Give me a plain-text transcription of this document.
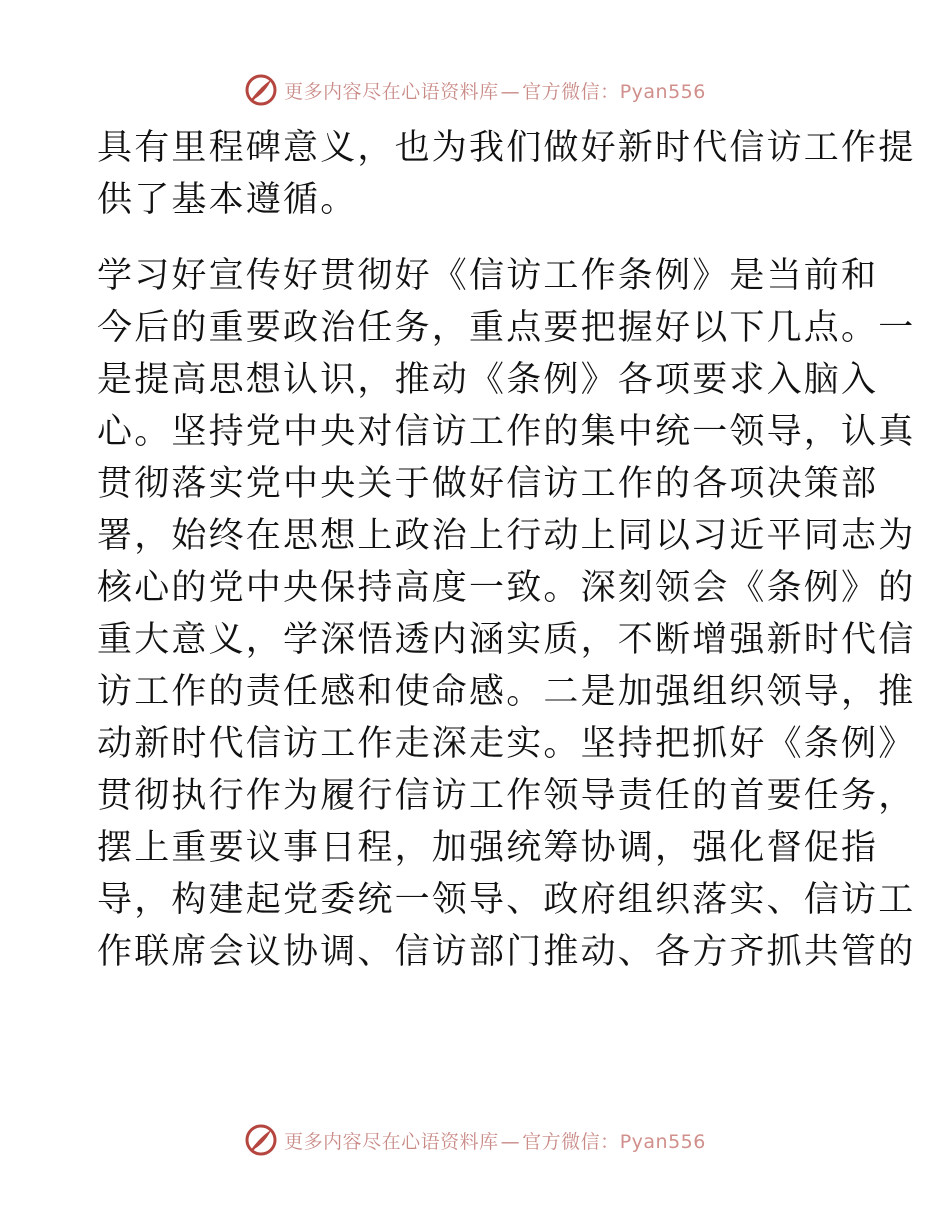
更多内容尽在心语资料库 — 官方微信：Pyan556

具有里程碑意义，也为我们做好新时代信访工作提
供了基本遵循。

学习好宣传好贯彻好《信访工作条例》是当前和
今后的重要政治任务，重点要把握好以下几点。一
是提高思想认识，推动《条例》各项要求入脑入
心。坚持党中央对信访工作的集中统一领导，认真
贯彻落实党中央关于做好信访工作的各项决策部
署，始终在思想上政治上行动上同以习近平同志为
核心的党中央保持高度一致。深刻领会《条例》的
重大意义，学深悟透内涵实质，不断增强新时代信
访工作的责任感和使命感。二是加强组织领导，推
动新时代信访工作走深走实。坚持把抓好《条例》
贯彻执行作为履行信访工作领导责任的首要任务，
摆上重要议事日程，加强统筹协调，强化督促指
导，构建起党委统一领导、政府组织落实、信访工
作联席会议协调、信访部门推动、各方齐抓共管的

更多内容尽在心语资料库 — 官方微信：Pyan556
